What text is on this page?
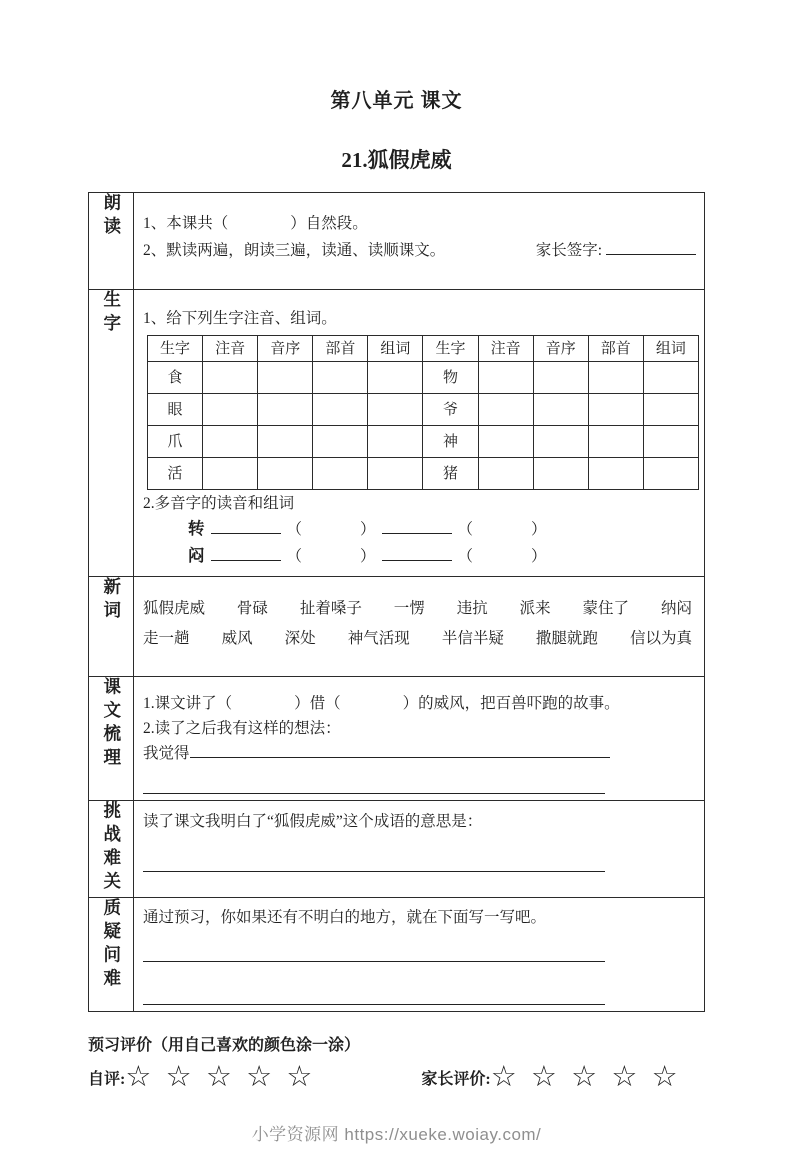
第八单元 课文
21.狐假虎威
朗读	1、本课共（　　　　）自然段。
2、默读两遍，朗读三遍，读通、读顺课文。	家长签字:

生字	1、给下列生字注音、组词。
生字	注音	音序	部首	组词	生字	注音	音序	部首	组词
食					物				
眼					爷				
爪					神				
活					猪				
2.多音字的读音和组词
转	（	）	（	）
闷	（	）	（	）

新词	狐假虎威 骨碌 扯着嗓子 一愣 违抗 派来 蒙住了 纳闷
走一趟 威风 深处 神气活现 半信半疑 撒腿就跑 信以为真

课文梳理	1.课文讲了（　　　　）借（　　　　）的威风，把百兽吓跑的故事。
2.读了之后我有这样的想法：
我觉得

挑战难关	读了课文我明白了“狐假虎威”这个成语的意思是：

质疑问难	通过预习，你如果还有不明白的地方，就在下面写一写吧。
预习评价（用自己喜欢的颜色涂一涂）
自评: ☆ ☆ ☆ ☆ ☆	家长评价: ☆ ☆ ☆ ☆ ☆
小学资源网 https://xueke.woiay.com/
